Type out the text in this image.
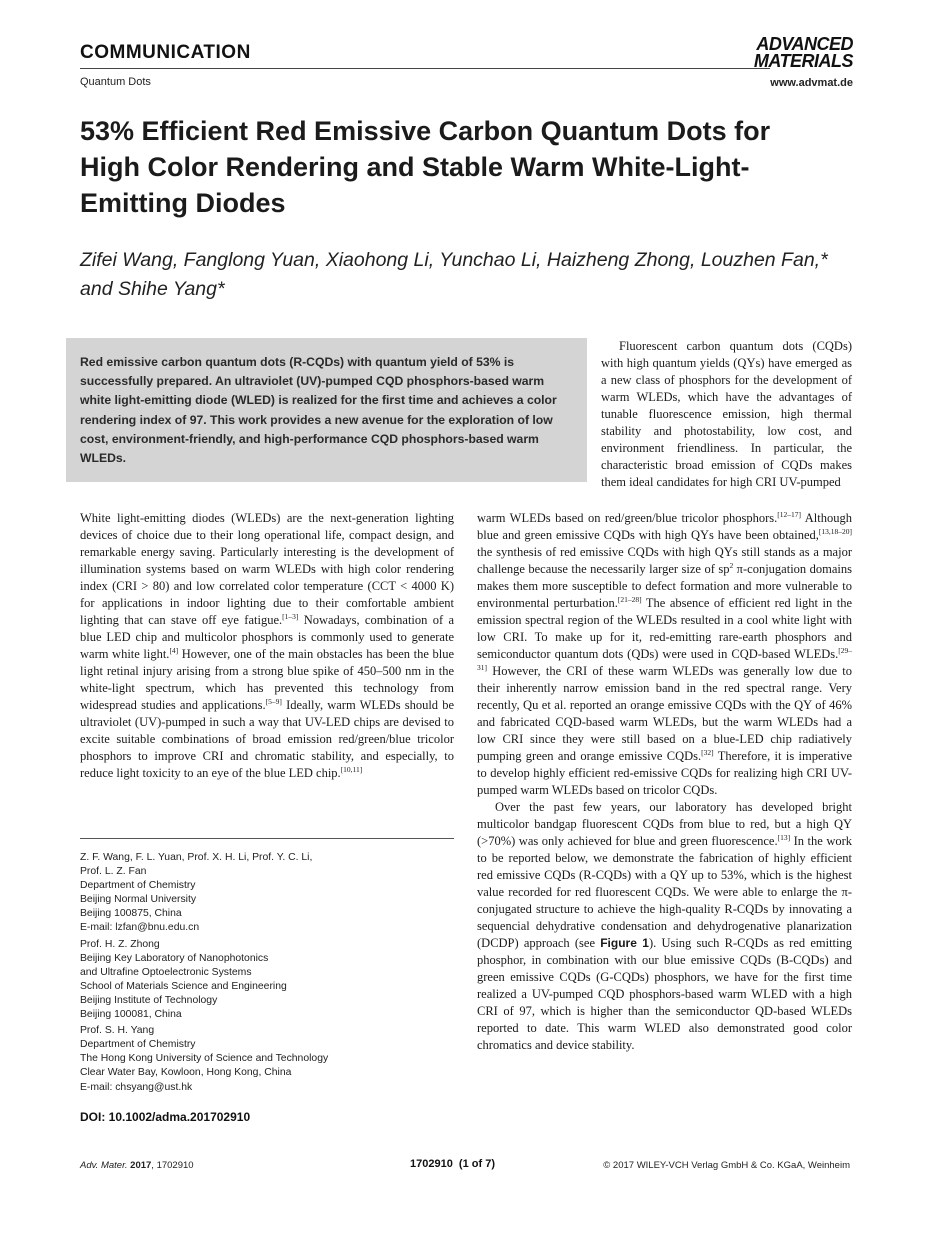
COMMUNICATION
Quantum Dots
ADVANCED
MATERIALS
www.advmat.de
53% Efficient Red Emissive Carbon Quantum Dots for High Color Rendering and Stable Warm White-Light-Emitting Diodes
Zifei Wang, Fanglong Yuan, Xiaohong Li, Yunchao Li, Haizheng Zhong, Louzhen Fan,* and Shihe Yang*

Red emissive carbon quantum dots (R-CQDs) with quantum yield of 53% is successfully prepared. An ultraviolet (UV)-pumped CQD phosphors-based warm white light-emitting diode (WLED) is realized for the first time and achieves a color rendering index of 97. This work provides a new avenue for the exploration of low cost, environment-friendly, and high-performance CQD phosphors-based warm WLEDs.

Fluorescent carbon quantum dots (CQDs) with high quantum yields (QYs) have emerged as a new class of phosphors for the development of warm WLEDs, which have the advantages of tunable fluorescence emission, high thermal stability and photostability, low cost, and environment friendliness. In particular, the characteristic broad emission of CQDs makes them ideal candidates for high CRI UV-pumped

White light-emitting diodes (WLEDs) are the next-generation lighting devices of choice due to their long operational life, compact design, and remarkable energy saving. Particularly interesting is the development of illumination systems based on warm WLEDs with high color rendering index (CRI > 80) and low correlated color temperature (CCT < 4000 K) for applications in indoor lighting due to their comfortable ambient lighting that can stave off eye fatigue.[1–3] Nowadays, combination of a blue LED chip and multicolor phosphors is commonly used to generate warm white light.[4] However, one of the main obstacles has been the blue light retinal injury arising from a strong blue spike of 450–500 nm in the white-light spectrum, which has prevented this technology from widespread studies and applications.[5–9] Ideally, warm WLEDs should be ultraviolet (UV)-pumped in such a way that UV-LED chips are devised to excite suitable combinations of broad emission red/green/blue tricolor phosphors to improve CRI and chromatic stability, and especially, to reduce light toxicity to an eye of the blue LED chip.[10,11]

warm WLEDs based on red/green/blue tricolor phosphors.[12–17] Although blue and green emissive CQDs with high QYs have been obtained,[13,18–20] the synthesis of red emissive CQDs with high QYs still stands as a major challenge because the necessarily larger size of $sp^2$ π-conjugation domains makes them more susceptible to defect formation and more vulnerable to environmental perturbation.[21–28] The absence of efficient red light in the emission spectral region of the WLEDs resulted in a cool white light with low CRI. To make up for it, red-emitting rare-earth phosphors and semiconductor quantum dots (QDs) were used in CQD-based WLEDs.[29–31] However, the CRI of these warm WLEDs was generally low due to their inherently narrow emission band in the red spectral range. Very recently, Qu et al. reported an orange emissive CQDs with the QY of 46% and fabricated CQD-based warm WLEDs, but the warm WLEDs had a low CRI since they were still based on a blue-LED chip radiatively pumping green and orange emissive CQDs.[32] Therefore, it is imperative to develop highly efficient red-emissive CQDs for realizing high CRI UV-pumped warm WLEDs based on tricolor CQDs.

Over the past few years, our laboratory has developed bright multicolor bandgap fluorescent CQDs from blue to red, but a high QY (>70%) was only achieved for blue and green fluorescence.[13] In the work to be reported below, we demonstrate the fabrication of highly efficient red emissive CQDs (R-CQDs) with a QY up to 53%, which is the highest value recorded for red fluorescent CQDs. We were able to enlarge the π-conjugated structure to achieve the high-quality R-CQDs by innovating a sequencial dehydrative condensation and dehydrogenative planarization (DCDP) approach (see Figure 1). Using such R-CQDs as red emitting phosphor, in combination with our blue emissive CQDs (B-CQDs) and green emissive CQDs (G-CQDs) phosphors, we have for the first time realized a UV-pumped CQD phosphors-based warm WLED with a high CRI of 97, which is higher than the semiconductor QD-based WLEDs reported to date. This warm WLED also demonstrated good color chromatics and device stability.

Z. F. Wang, F. L. Yuan, Prof. X. H. Li, Prof. Y. C. Li,
Prof. L. Z. Fan
Department of Chemistry
Beijing Normal University
Beijing 100875, China
E-mail: lzfan@bnu.edu.cn
Prof. H. Z. Zhong
Beijing Key Laboratory of Nanophotonics
and Ultrafine Optoelectronic Systems
School of Materials Science and Engineering
Beijing Institute of Technology
Beijing 100081, China
Prof. S. H. Yang
Department of Chemistry
The Hong Kong University of Science and Technology
Clear Water Bay, Kowloon, Hong Kong, China
E-mail: chsyang@ust.hk
DOI: 10.1002/adma.201702910
Adv. Mater. 2017, 1702910	1702910  (1 of 7)	© 2017 WILEY-VCH Verlag GmbH & Co. KGaA, Weinheim
